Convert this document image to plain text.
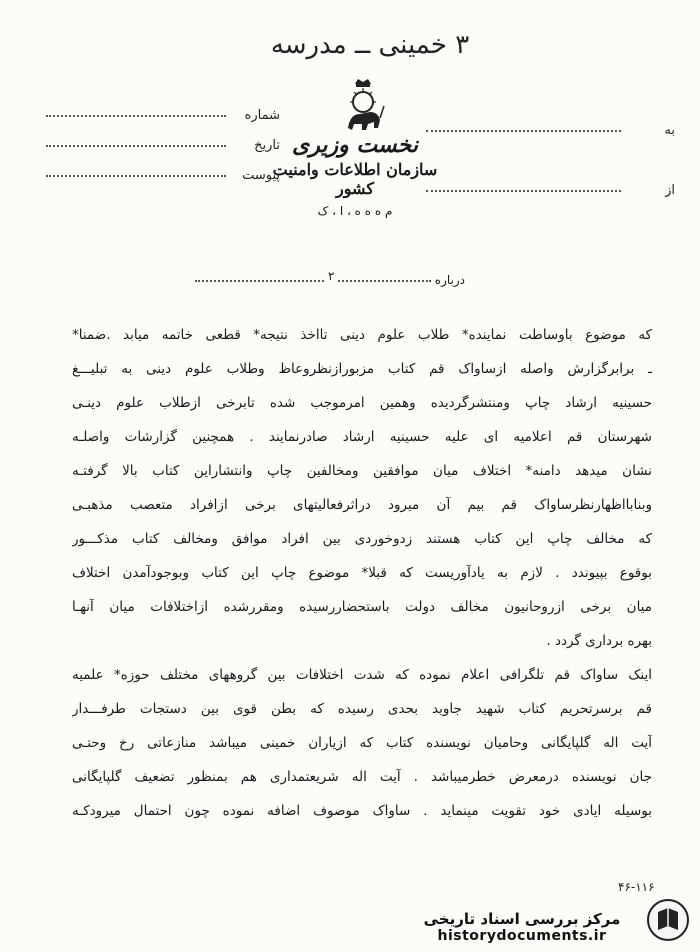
۳ خمینی ــ مدرسه
شماره
تاریخ
پیوست
به
از
نخست وزیری
سازمان اطلاعات وامنیت کشور
م ه ه ه ، ا ، ک
درباره
۲
که موضوع باوساطت نماینده* طلاب علوم دینی تااخذ نتیجه* قطعی خاتمه میابد .ضمنا*
ـ برابرگزارش واصله ازساواک قم کتاب مزبورازنظروعاظ وطلاب علوم دینی به تبلیـــغ
حسینیه ارشاد چاپ ومنتشرگردیده وهمین امرموجب شده تابرخی ازطلاب علوم دینـی
شهرستان قم اعلامیه ای علیه حسینیه ارشاد صادرنمایند . همچنین گزارشات واصلـه
نشان میدهد دامنه* اختلاف میان موافقین ومخالفین چاپ وانتشاراین کتاب بالا گرفتـه
وبنابااظهارنظرساواک قم بیم آن میرود دراثرفعالیتهای برخی ازافراد متعصب مذهبـی
که مخالف چاپ این کتاب هستند زدوخوردی بین افراد موافق ومخالف کتاب مذکـــور
بوقوع بپیوندد . لازم به یادآوریست که قبلا* موضوع چاپ این کتاب وبوجودآمدن اختلاف
میان برخی ازروحانیون مخالف دولت باستحضاررسیده ومقررشده ازاختلافات میان آنهـا
بهره برداری گردد .
اینک ساواک قم تلگرافی اعلام نموده که شدت اختلافات بین گروههای مختلف حوزه* علمیه
قم برسرتحریم کتاب شهید جاوید بحدی رسیده که بطن قوی بین دستجات طرفـــدار
آیت اله گلپایگانی وحامیان نویسنده کتاب که ازیاران خمینی میباشد منازعاتی رخ وحتـی
جان نویسنده درمعرض خطرمیباشد . آیت اله شریعتمداری هم بمنظور تضعیف گلپایگانی
بوسیله ایادی خود تقویت مینماید . ساواک موصوف اضافه نموده چون احتمال میرودکـه
۴۶-۱۱۶
مرکز بررسی اسناد تاریخی
historydocuments.ir
